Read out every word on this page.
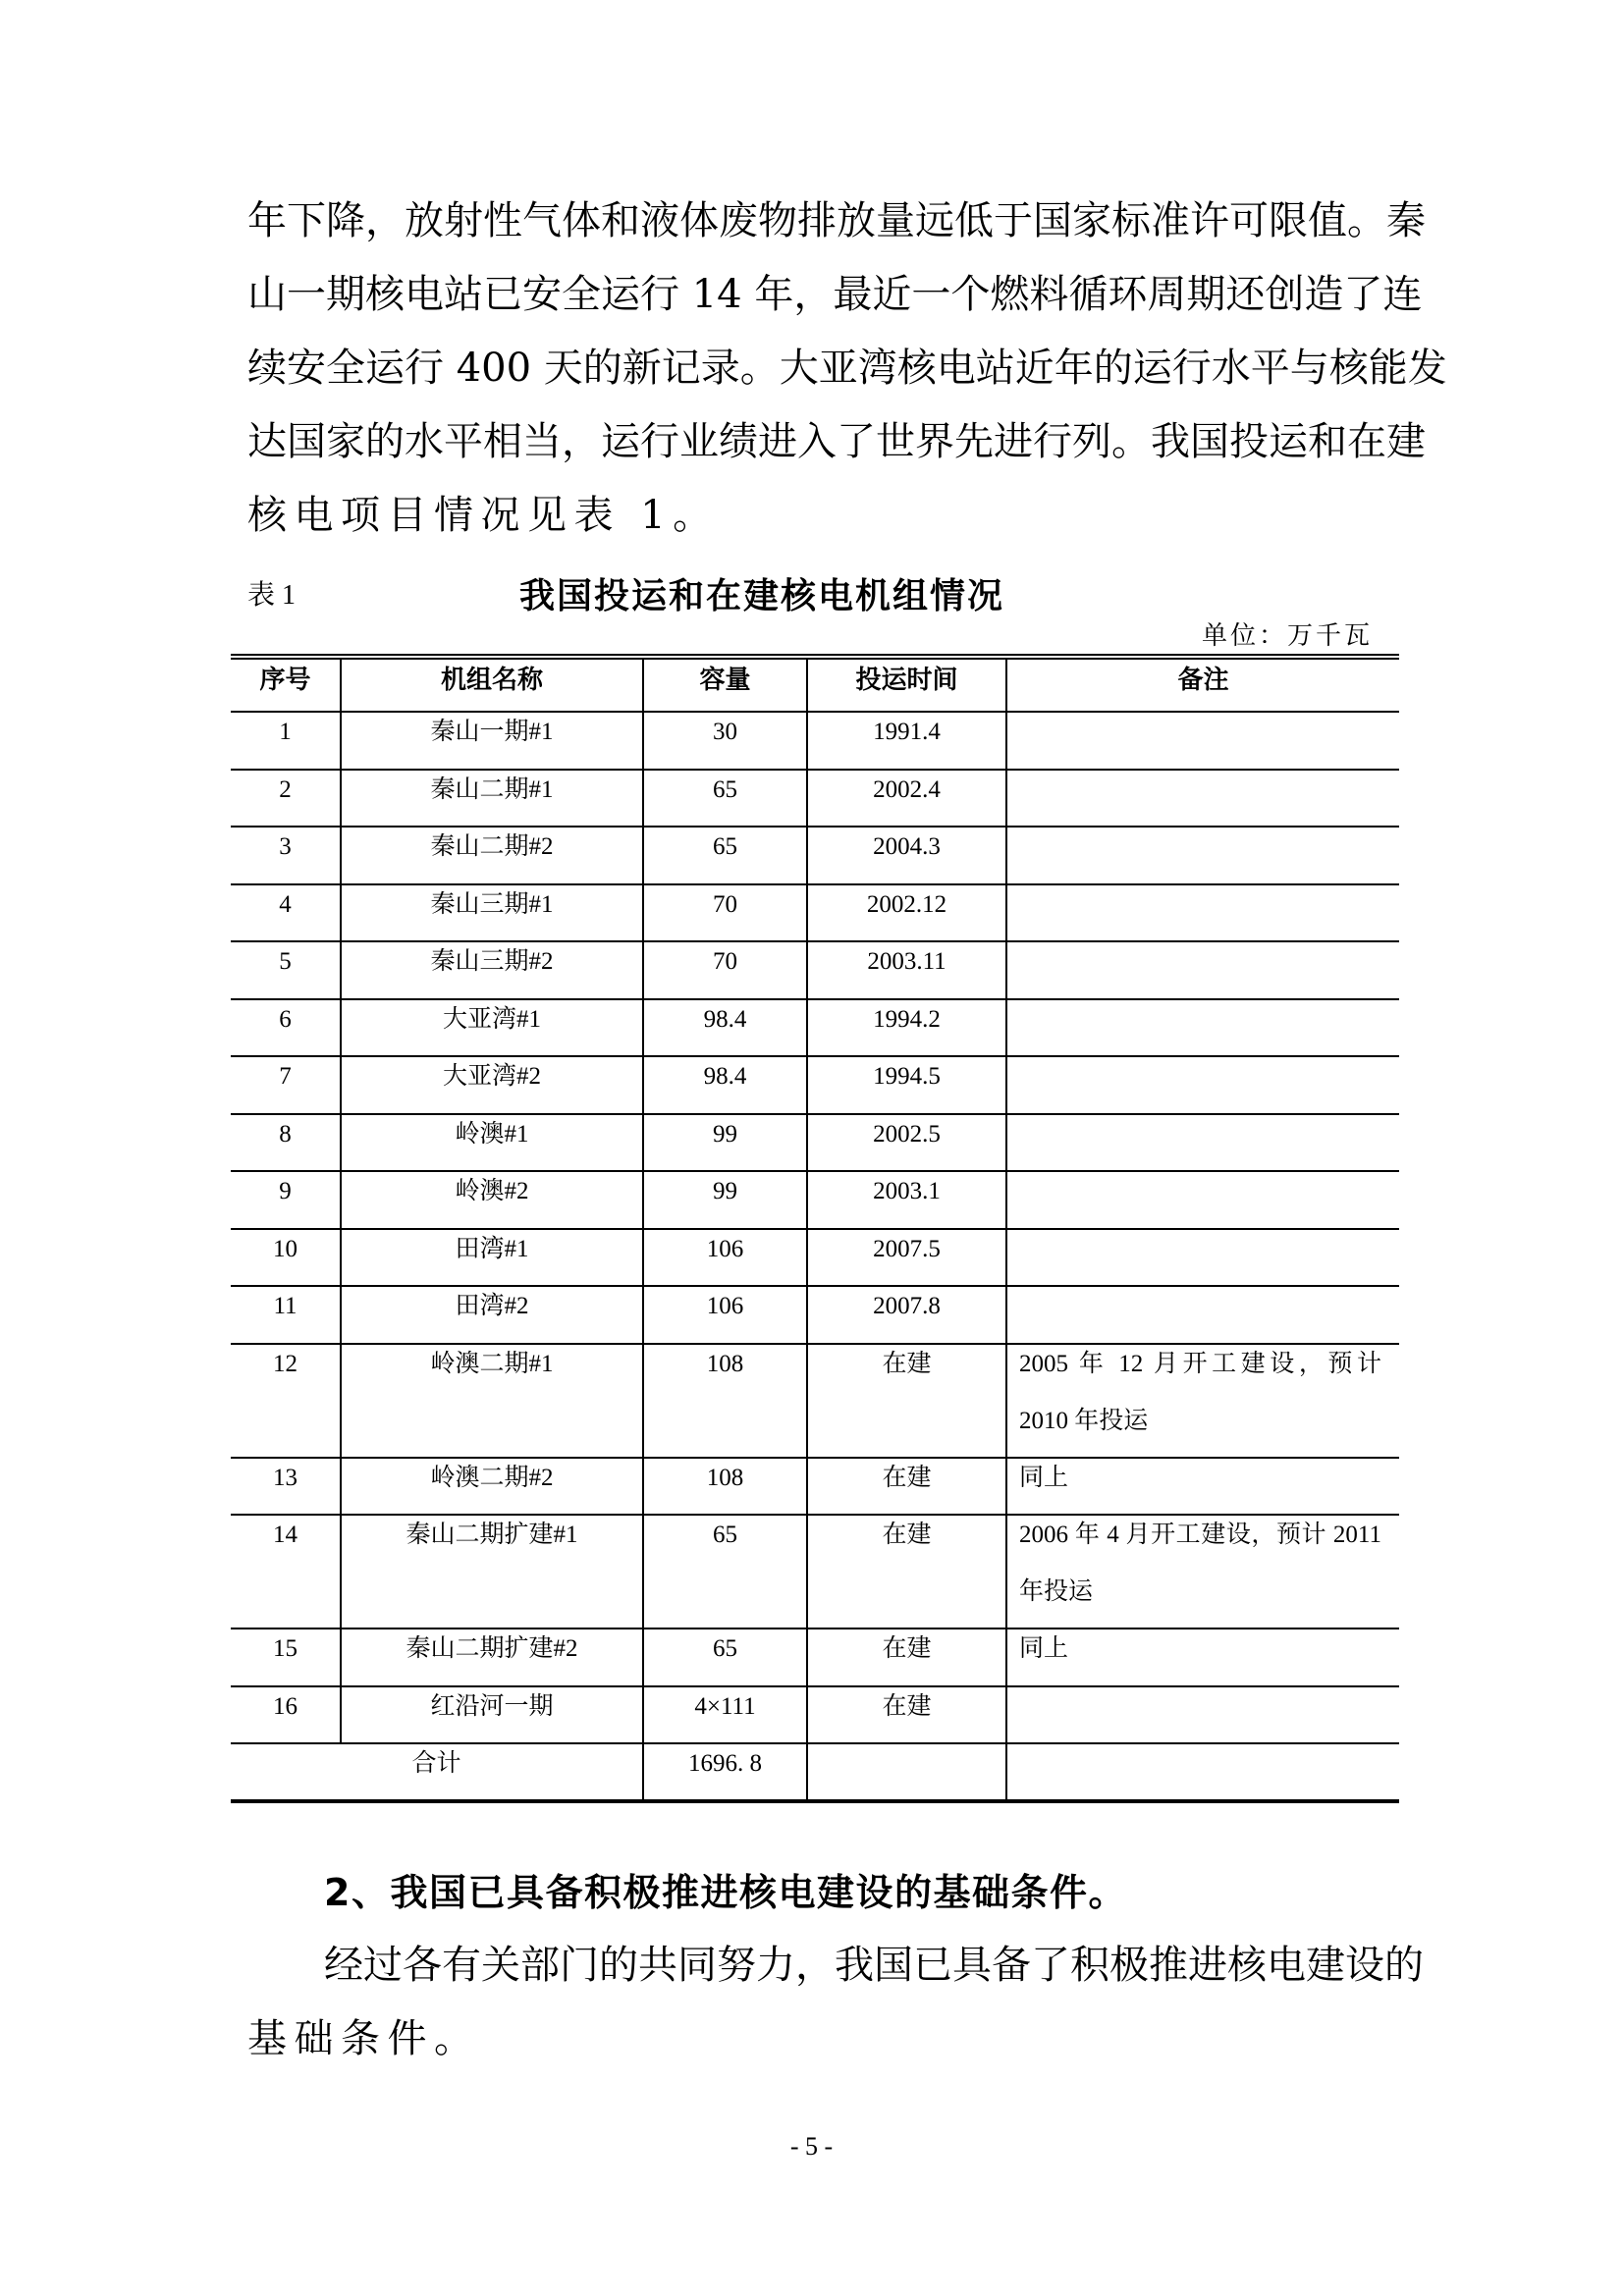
年下降，放射性气体和液体废物排放量远低于国家标准许可限值。秦
山一期核电站已安全运行 14 年，最近一个燃料循环周期还创造了连
续安全运行 400 天的新记录。大亚湾核电站近年的运行水平与核能发
达国家的水平相当，运行业绩进入了世界先进行列。我国投运和在建
核电项目情况见表 1。
表 1	我国投运和在建核电机组情况
单位：万千瓦
序号	机组名称	容量	投运时间	备注
1	秦山一期#1	30	1991.4	

2	秦山二期#1	65	2002.4	

3	秦山二期#2	65	2004.3	

4	秦山三期#1	70	2002.12	

5	秦山三期#2	70	2003.11	

6	大亚湾#1	98.4	1994.2	

7	大亚湾#2	98.4	1994.5	

8	岭澳#1	99	2002.5	

9	岭澳#2	99	2003.1	

10	田湾#1	106	2007.5	

11	田湾#2	106	2007.8	

12	岭澳二期#1	108	在建	2005 年 12 月开工建设，预计 2010 年投运

13	岭澳二期#2	108	在建	同上

14	秦山二期扩建#1	65	在建	2006 年 4 月开工建设，预计 2011 年投运

15	秦山二期扩建#2	65	在建	同上

16	红沿河一期	4×111	在建	

合计		1696. 8		
2、我国已具备积极推进核电建设的基础条件。
经过各有关部门的共同努力，我国已具备了积极推进核电建设的
基础条件。
- 5 -
